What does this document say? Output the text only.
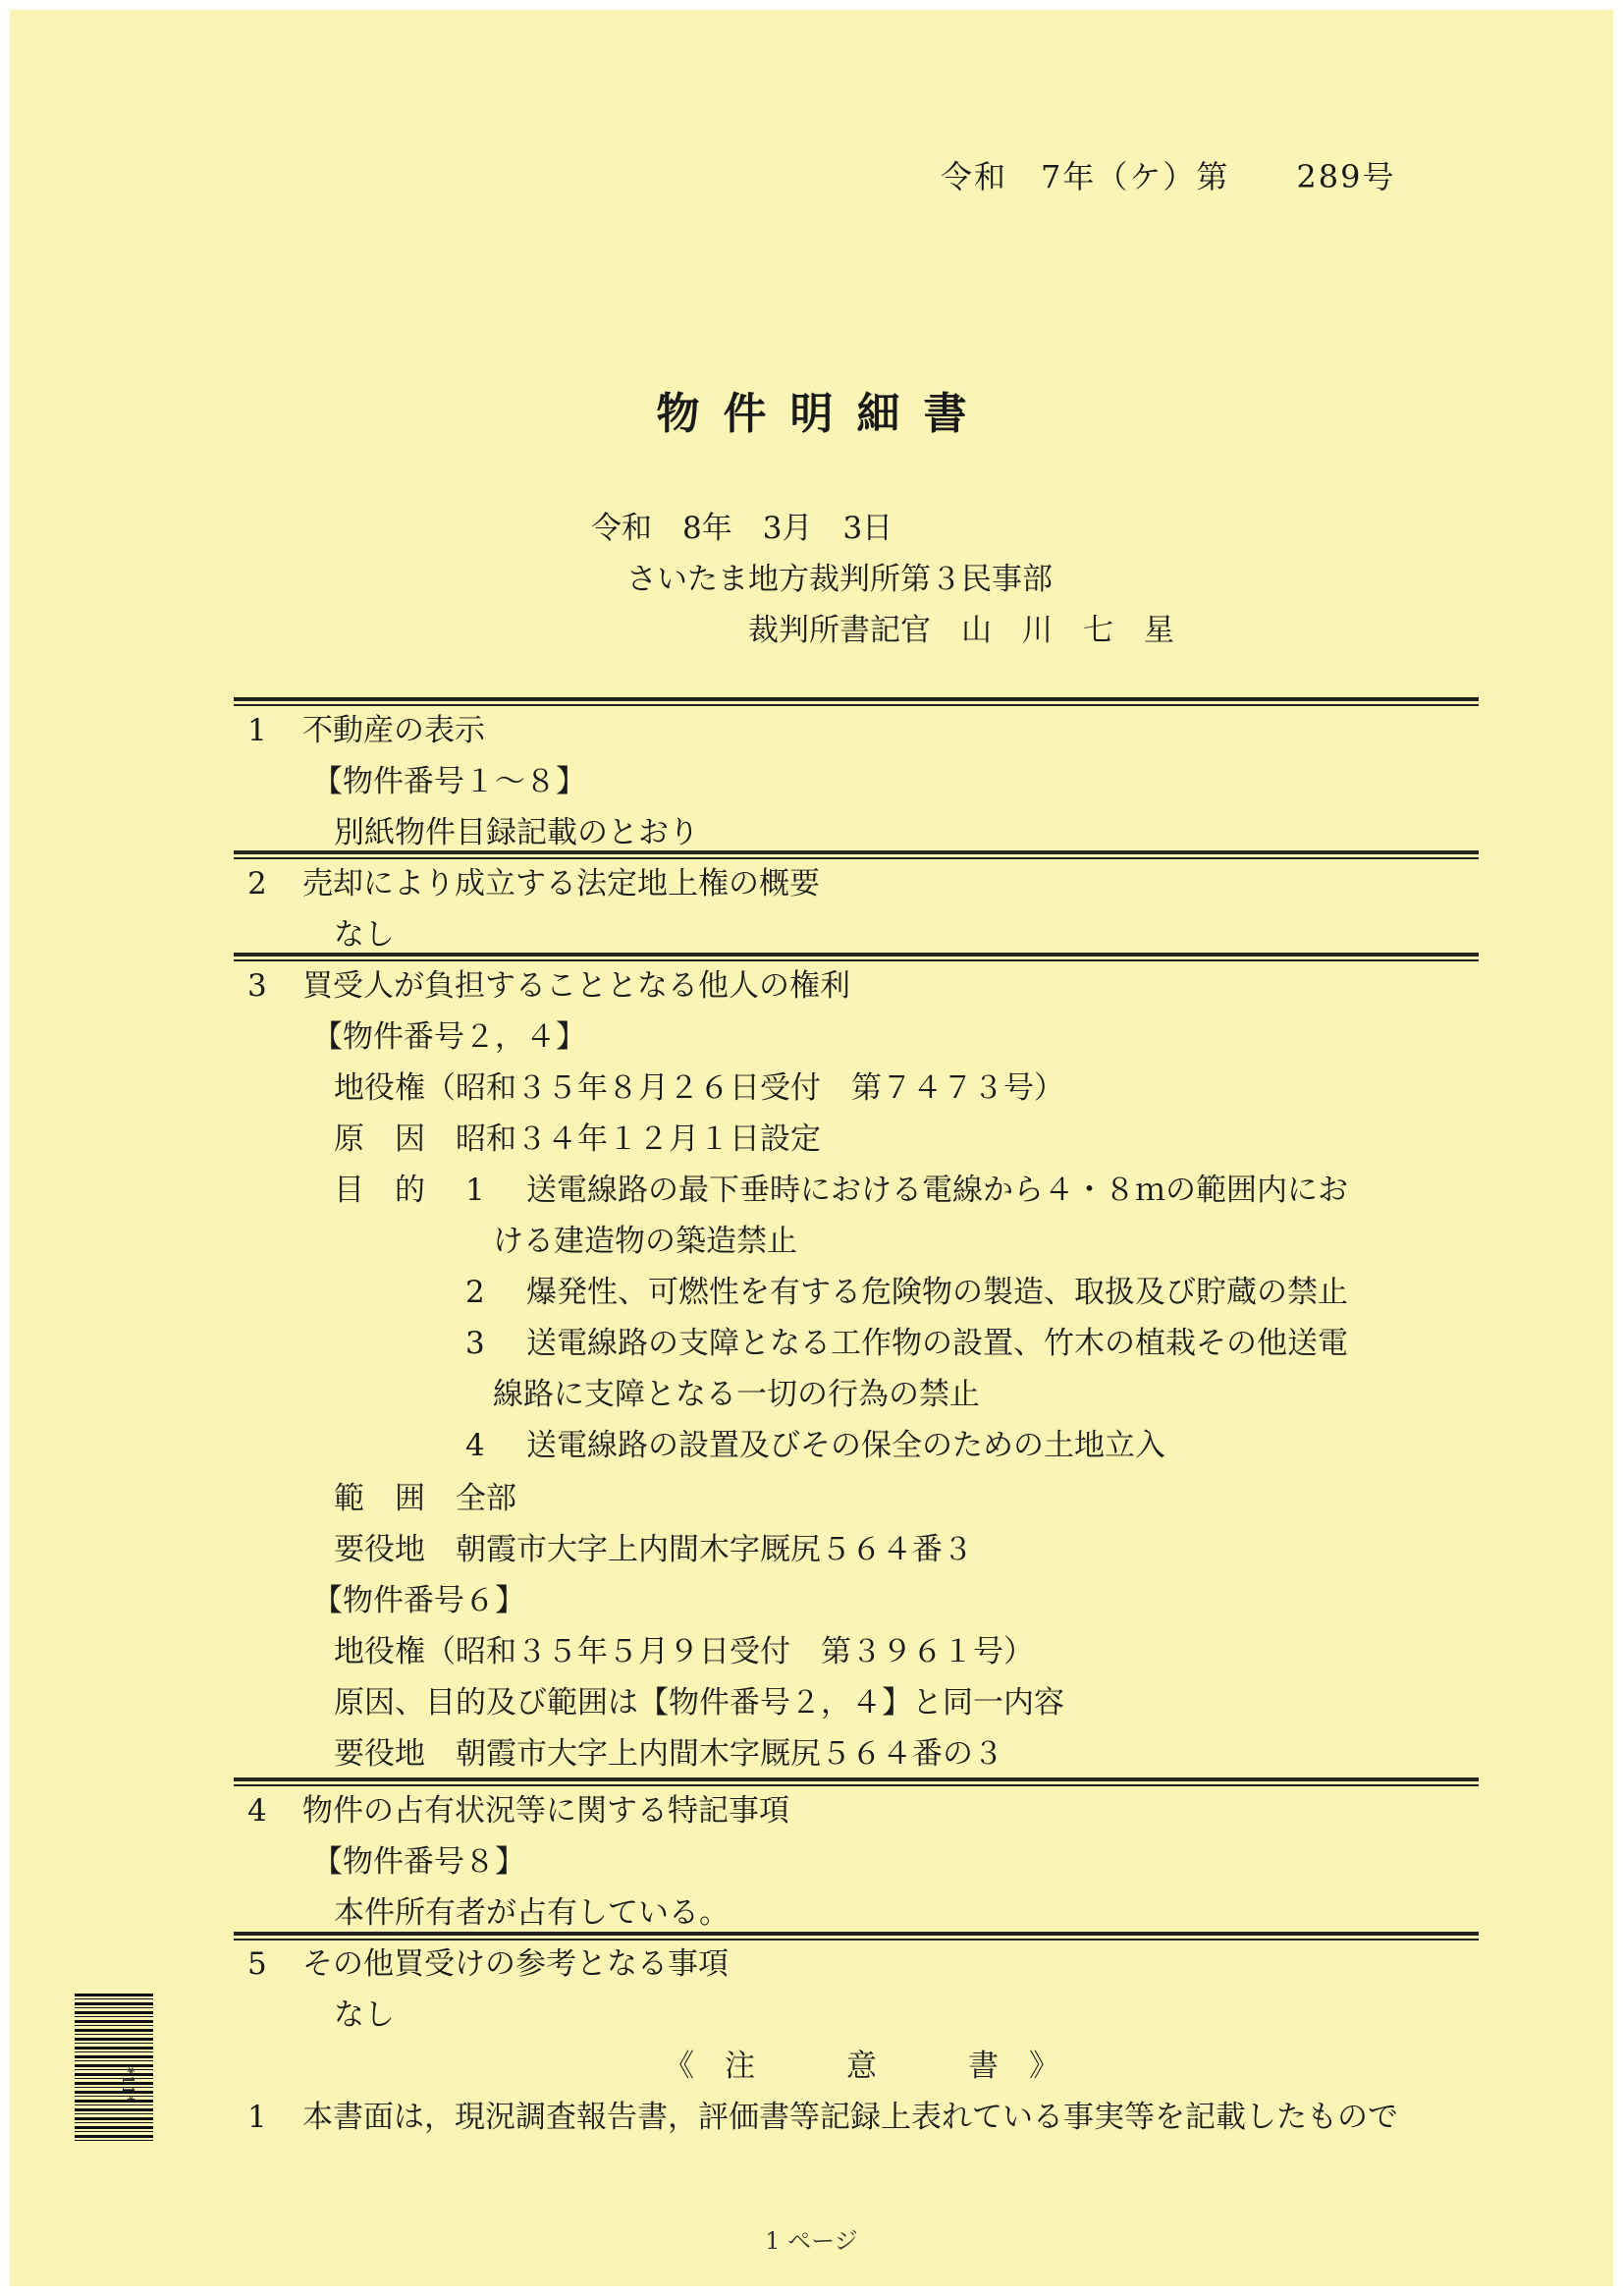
令和　7年（ケ）第　　289号
物件明細書
令和　8年　3月　3日
さいたま地方裁判所第３民事部
裁判所書記官　山　川　七　星
1 不動産の表示
【物件番号１～８】
別紙物件目録記載のとおり
2 売却により成立する法定地上権の概要
なし
3 買受人が負担することとなる他人の権利
【物件番号２，４】
地役権（昭和３５年８月２６日受付　第７４７３号）
原　因　昭和３４年１２月１日設定
目　的 1 送電線路の最下垂時における電線から４・８ｍの範囲内にお
ける建造物の築造禁止
2 爆発性、可燃性を有する危険物の製造、取扱及び貯蔵の禁止
3 送電線路の支障となる工作物の設置、竹木の植栽その他送電
線路に支障となる一切の行為の禁止
4 送電線路の設置及びその保全のための土地立入
範　囲　全部
要役地　朝霞市大字上内間木字厩尻５６４番３
【物件番号６】
地役権（昭和３５年５月９日受付　第３９６１号）
原因、目的及び範囲は【物件番号２，４】と同一内容
要役地　朝霞市大字上内間木字厩尻５６４番の３
4 物件の占有状況等に関する特記事項
【物件番号８】
本件所有者が占有している。
5 その他買受けの参考となる事項
なし
《　注　　　意　　　書　》
1 本書面は，現況調査報告書，評価書等記録上表れている事実等を記載したもので
*11*
1 ページ
